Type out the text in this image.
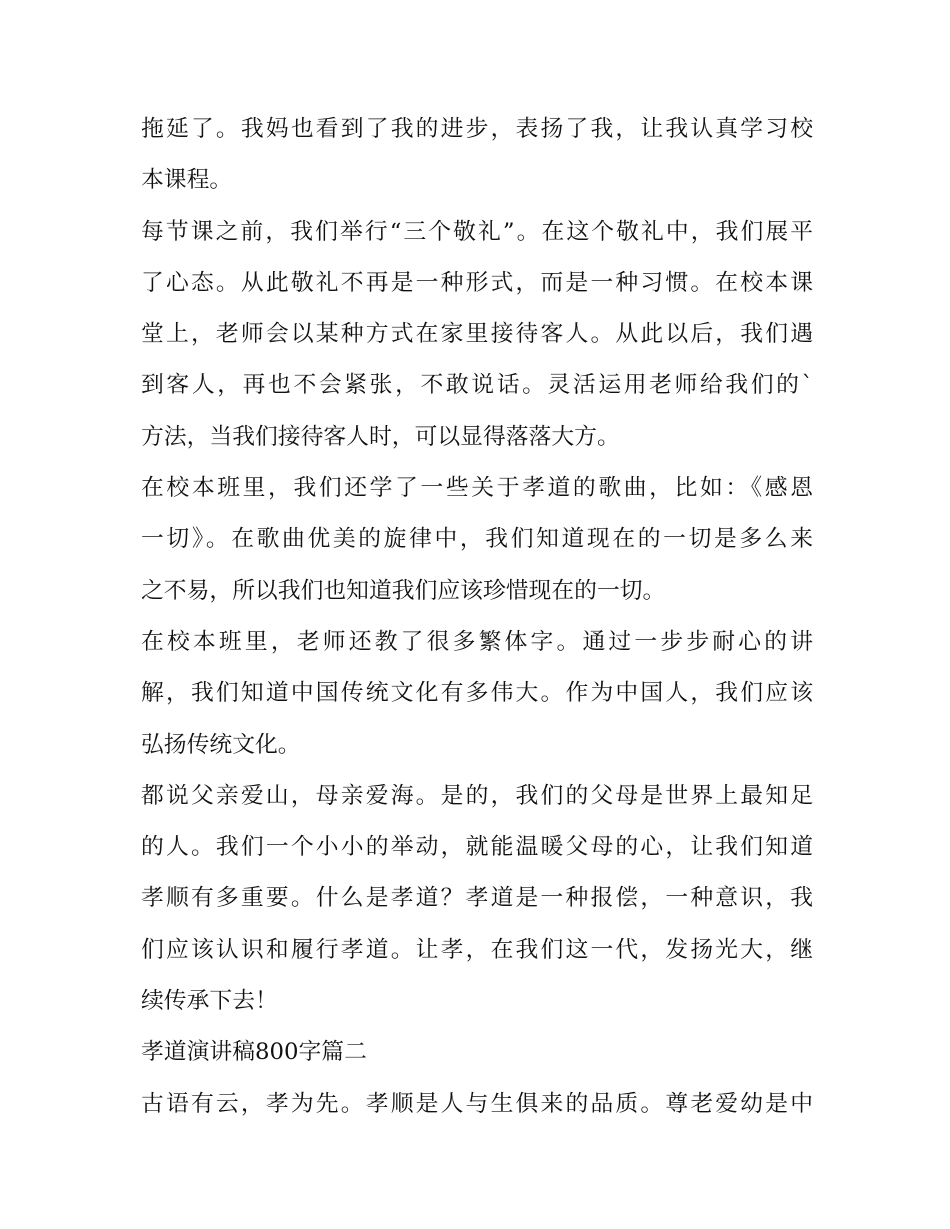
拖延了。我妈也看到了我的进步，表扬了我，让我认真学习校
本课程。
每节课之前，我们举行“三个敬礼”。在这个敬礼中，我们展平
了心态。从此敬礼不再是一种形式，而是一种习惯。在校本课
堂上，老师会以某种方式在家里接待客人。从此以后，我们遇
到客人，再也不会紧张，不敢说话。灵活运用老师给我们的`
方法，当我们接待客人时，可以显得落落大方。
在校本班里，我们还学了一些关于孝道的歌曲，比如：《感恩
一切》。在歌曲优美的旋律中，我们知道现在的一切是多么来
之不易，所以我们也知道我们应该珍惜现在的一切。
在校本班里，老师还教了很多繁体字。通过一步步耐心的讲
解，我们知道中国传统文化有多伟大。作为中国人，我们应该
弘扬传统文化。
都说父亲爱山，母亲爱海。是的，我们的父母是世界上最知足
的人。我们一个小小的举动，就能温暖父母的心，让我们知道
孝顺有多重要。什么是孝道？孝道是一种报偿，一种意识，我
们应该认识和履行孝道。让孝，在我们这一代，发扬光大，继
续传承下去！
孝道演讲稿800字篇二
古语有云，孝为先。孝顺是人与生俱来的品质。尊老爱幼是中
